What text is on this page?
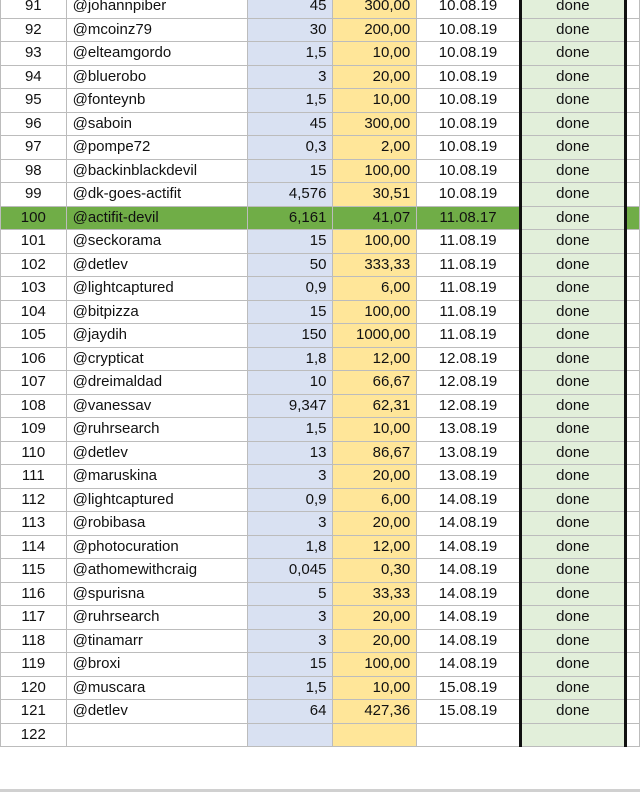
91	@johannpiber	45	300,00	10.08.19	done	
92	@mcoinz79	30	200,00	10.08.19	done	
93	@elteamgordo	1,5	10,00	10.08.19	done	
94	@bluerobo	3	20,00	10.08.19	done	
95	@fonteynb	1,5	10,00	10.08.19	done	
96	@saboin	45	300,00	10.08.19	done	
97	@pompe72	0,3	2,00	10.08.19	done	
98	@backinblackdevil	15	100,00	10.08.19	done	
99	@dk-goes-actifit	4,576	30,51	10.08.19	done	
100	@actifit-devil	6,161	41,07	11.08.17	done	
101	@seckorama	15	100,00	11.08.19	done	
102	@detlev	50	333,33	11.08.19	done	
103	@lightcaptured	0,9	6,00	11.08.19	done	
104	@bitpizza	15	100,00	11.08.19	done	
105	@jaydih	150	1000,00	11.08.19	done	
106	@crypticat	1,8	12,00	12.08.19	done	
107	@dreimaldad	10	66,67	12.08.19	done	
108	@vanessav	9,347	62,31	12.08.19	done	
109	@ruhrsearch	1,5	10,00	13.08.19	done	
110	@detlev	13	86,67	13.08.19	done	
111	@maruskina	3	20,00	13.08.19	done	
112	@lightcaptured	0,9	6,00	14.08.19	done	
113	@robibasa	3	20,00	14.08.19	done	
114	@photocuration	1,8	12,00	14.08.19	done	
115	@athomewithcraig	0,045	0,30	14.08.19	done	
116	@spurisna	5	33,33	14.08.19	done	
117	@ruhrsearch	3	20,00	14.08.19	done	
118	@tinamarr	3	20,00	14.08.19	done	
119	@broxi	15	100,00	14.08.19	done	
120	@muscara	1,5	10,00	15.08.19	done	
121	@detlev	64	427,36	15.08.19	done	
122						
